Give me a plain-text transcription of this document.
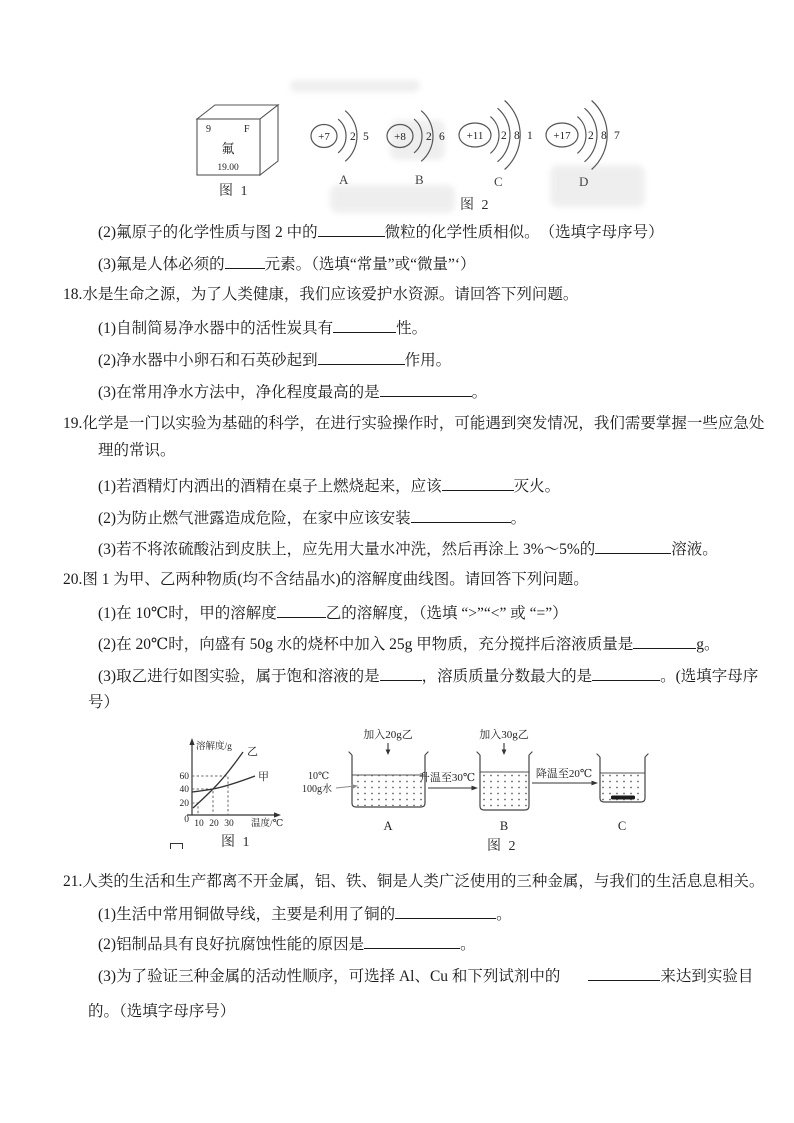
9	F
氟
19.00
图 1
+7 2 5
A
+8 2 6
B
+11 2 8 1
C
+17 2 8 7
D
图 2
(2)氟原子的化学性质与图 2 中的	微粒的化学性质相似。　（选填字母序号）
(3)氟是人体必须的	元素。（选填“常量”或“微量”‘）
18.水是生命之源，为了人类健康，我们应该爱护水资源。请回答下列问题。
(1)自制简易净水器中的活性炭具有	性。
(2)净水器中小卵石和石英砂起到	作用。
(3)在常用净水方法中，净化程度最高的是	。
19.化学是一门以实验为基础的科学，在进行实验操作时，可能遇到突发情况，我们需要掌握一些应急处
理的常识。
(1)若酒精灯内洒出的酒精在桌子上燃烧起来，应该	灭火。
(2)为防止燃气泄露造成危险，在家中应该安装	。
(3)若不将浓硫酸沾到皮肤上，应先用大量水冲洗，然后再涂上 3%～5%的	溶液。
20.图 1 为甲、乙两种物质(均不含结晶水)的溶解度曲线图。请回答下列问题。
(1)在 10℃时，甲的溶解度	乙的溶解度，（选填 “>”“<” 或 “=”）
(2)在 20℃时，向盛有 50g 水的烧杯中加入 25g 甲物质，充分搅拌后溶液质量是	g。
(3)取乙进行如图实验，属于饱和溶液的是	，溶质质量分数最大的是	。(选填字母序
号）
溶解度/g
60
40
20
0 10 20 30 温度/℃
乙
甲
图 1
加入20g乙
10℃
100g水
升温至30℃
加入30g乙
降温至20℃
A	B	C
图 2
21.人类的生活和生产都离不开金属，铝、铁、铜是人类广泛使用的三种金属，与我们的生活息息相关。
(1)生活中常用铜做导线，主要是利用了铜的	。
(2)铝制品具有良好抗腐蚀性能的原因是	。
(3)为了验证三种金属的活动性顺序，可选择 Al、Cu 和下列试剂中的	来达到实验目
的。（选填字母序号）
